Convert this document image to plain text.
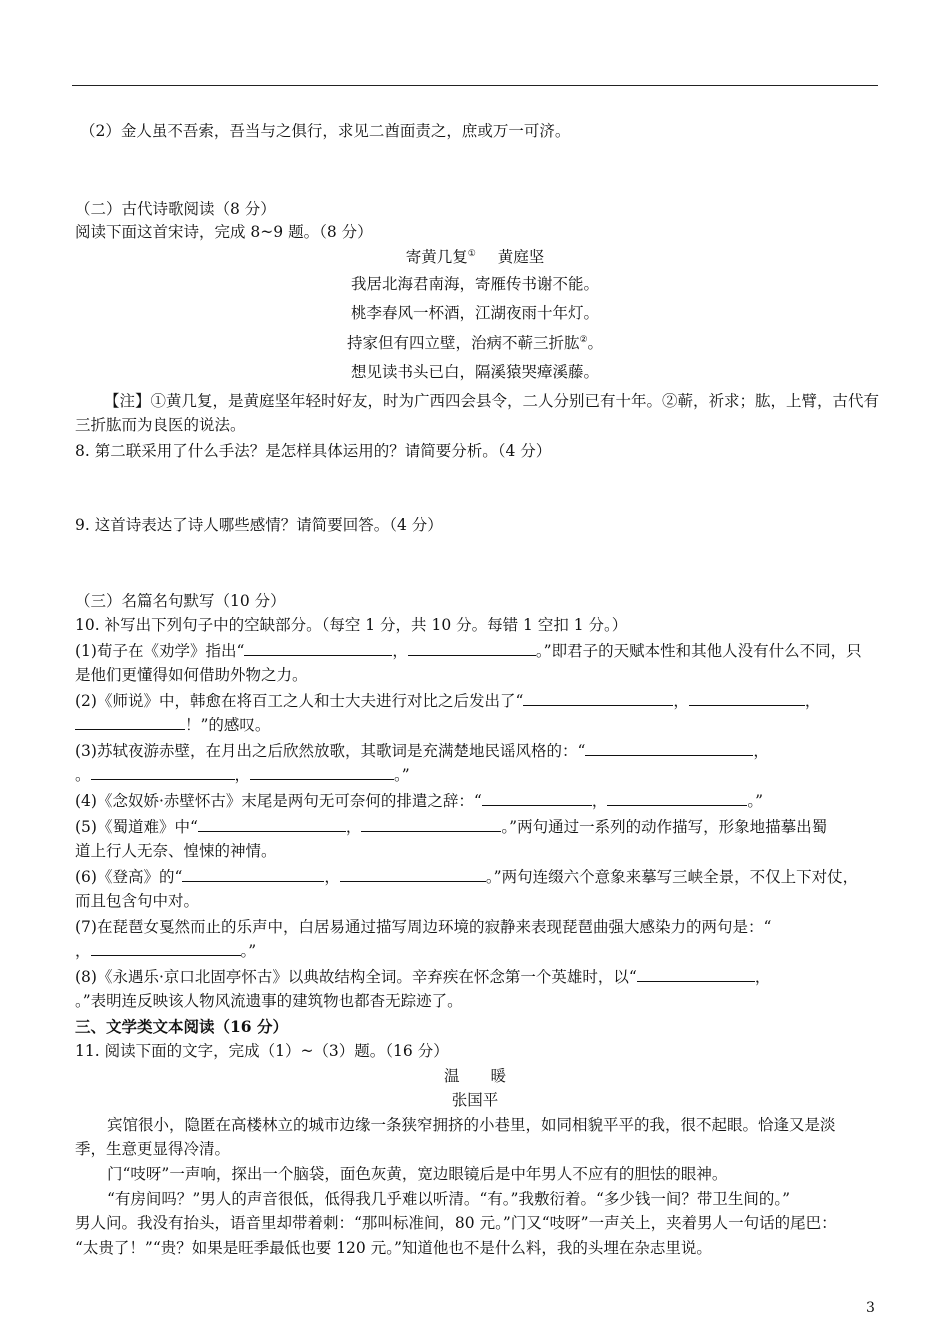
（2）金人虽不吾索，吾当与之俱行，求见二酋面责之，庶或万一可济。
（二）古代诗歌阅读（8 分）
阅读下面这首宋诗，完成 8~9 题。（8 分）
寄黄几复① 黄庭坚
我居北海君南海，寄雁传书谢不能。
桃李春风一杯酒，江湖夜雨十年灯。
持家但有四立壁，治病不蕲三折肱②。
想见读书头已白，隔溪猿哭瘴溪藤。
【注】①黄几复，是黄庭坚年轻时好友，时为广西四会县令，二人分别已有十年。②蕲，祈求；肱，上臂，古代有
三折肱而为良医的说法。
8. 第二联采用了什么手法？是怎样具体运用的？请简要分析。（4 分）
9. 这首诗表达了诗人哪些感情？请简要回答。（4 分）
（三）名篇名句默写（10 分）
10. 补写出下列句子中的空缺部分。（每空 1 分，共 10 分。每错 1 空扣 1 分。）
(1)荀子在《劝学》指出“	，	。”即君子的天赋本性和其他人没有什么不同，只
是他们更懂得如何借助外物之力。
(2)《师说》中，韩愈在将百工之人和士大夫进行对比之后发出了“	，	，
！”的感叹。
(3)苏轼夜游赤壁，在月出之后欣然放歌，其歌词是充满楚地民谣风格的：“	，
。	，	。”
(4)《念奴娇·赤壁怀古》末尾是两句无可奈何的排遣之辞：“	，	。”
(5)《蜀道难》中“	，	。”两句通过一系列的动作描写，形象地描摹出蜀
道上行人无奈、惶悚的神情。
(6)《登高》的“	，	。”两句连缀六个意象来摹写三峡全景，不仅上下对仗，
而且包含句中对。
(7)在琵琶女戛然而止的乐声中，白居易通过描写周边环境的寂静来表现琵琶曲强大感染力的两句是：“
，	。”
(8)《永遇乐·京口北固亭怀古》以典故结构全词。辛弃疾在怀念第一个英雄时，以“	，
。”表明连反映该人物风流遗事的建筑物也都杳无踪迹了。
三、文学类文本阅读（16 分）
11. 阅读下面的文字，完成（1）~（3）题。（16 分）
温　　暖
张国平
宾馆很小，隐匿在高楼林立的城市边缘一条狭窄拥挤的小巷里，如同相貌平平的我，很不起眼。恰逢又是淡
季，生意更显得冷清。
门“吱呀”一声响，探出一个脑袋，面色灰黄，宽边眼镜后是中年男人不应有的胆怯的眼神。
“有房间吗？”男人的声音很低，低得我几乎难以听清。“有。”我敷衍着。“多少钱一间？带卫生间的。”
男人问。我没有抬头，语音里却带着刺：“那叫标准间，80 元。”门又“吱呀”一声关上，夹着男人一句话的尾巴：
“太贵了！”“贵？如果是旺季最低也要 120 元。”知道他也不是什么料，我的头埋在杂志里说。
3
